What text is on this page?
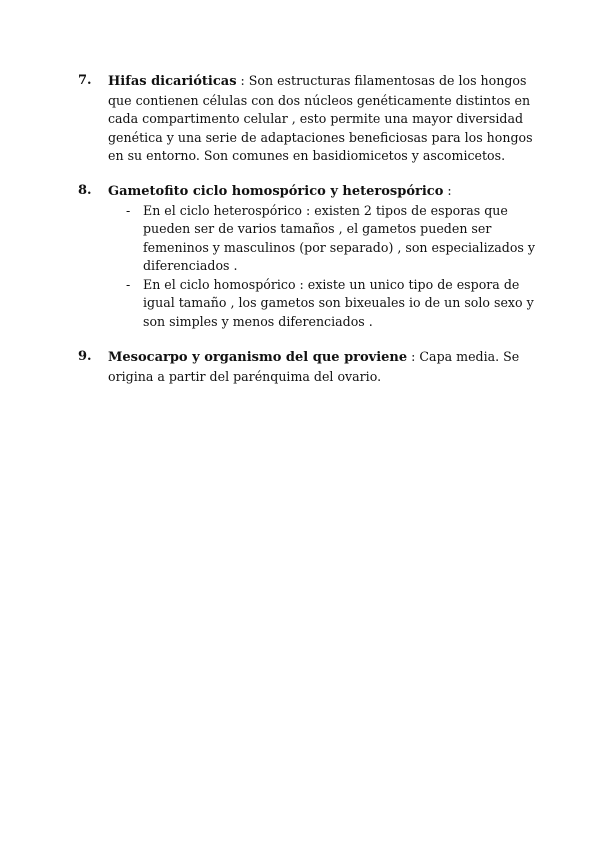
7.	Hifas dicarióticas : Son estructuras filamentosas de los hongos que contienen células con dos núcleos genéticamente distintos en cada compartimento celular , esto permite una mayor diversidad genética y una serie de adaptaciones beneficiosas para los hongos en su entorno. Son comunes en basidiomicetos y ascomicetos.
8.	Gametofito ciclo homospórico y heterospórico :
- En el ciclo heterospórico : existen 2 tipos de esporas que pueden ser de varios tamaños , el gametos pueden ser femeninos y masculinos (por separado) , son especializados y diferenciados .
- En el ciclo homospórico : existe un unico tipo de espora de igual tamaño , los gametos son bixeuales io de un solo sexo y son simples y menos diferenciados .
9.	Mesocarpo y organismo del que proviene : Capa media. Se origina a partir del parénquima del ovario.
